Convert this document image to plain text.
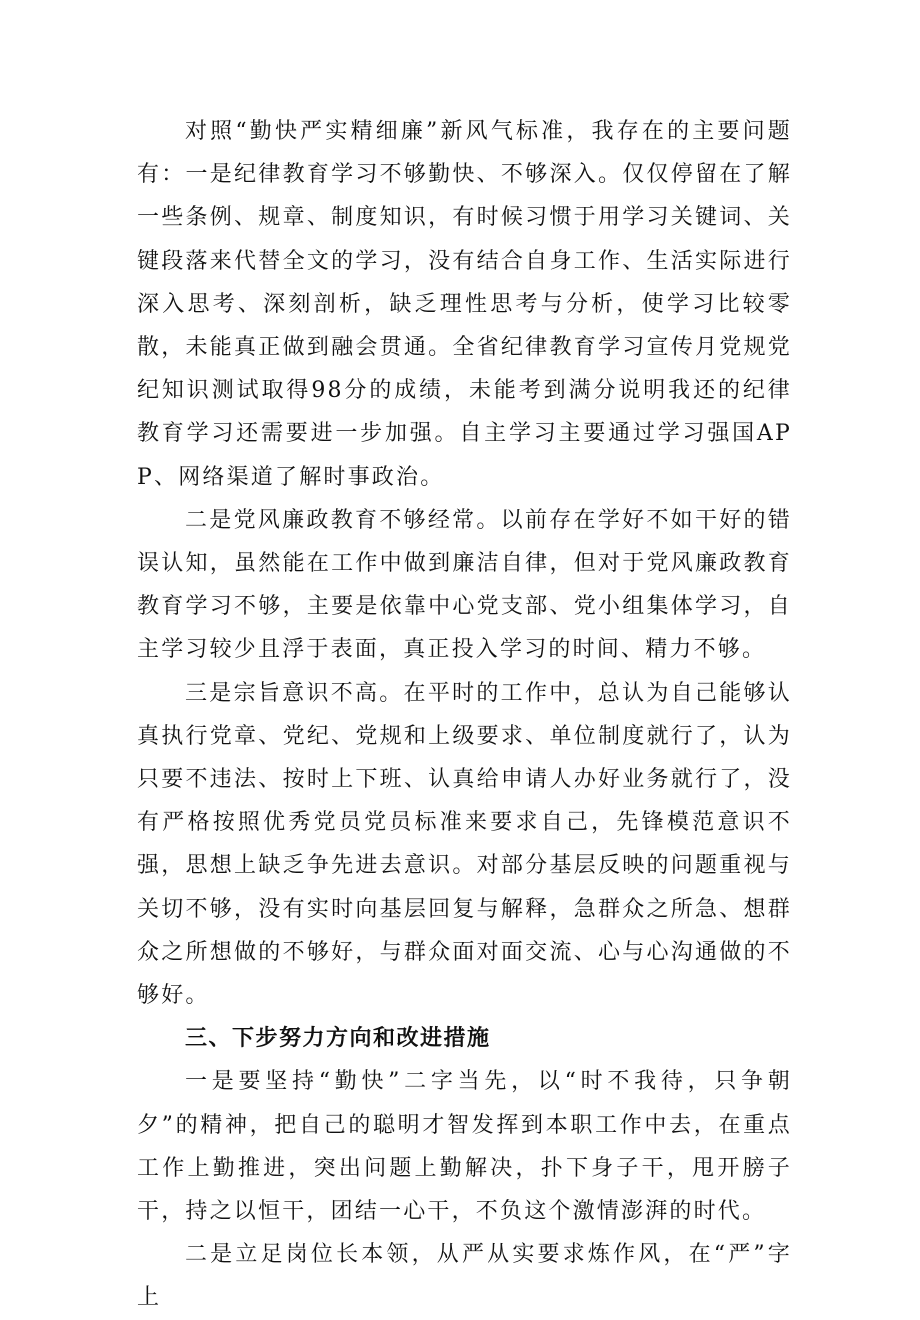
对照“勤快严实精细廉”新风气标准，我存在的主要问题有：一是纪律教育学习不够勤快、不够深入。仅仅停留在了解一些条例、规章、制度知识，有时候习惯于用学习关键词、关键段落来代替全文的学习，没有结合自身工作、生活实际进行深入思考、深刻剖析，缺乏理性思考与分析，使学习比较零散，未能真正做到融会贯通。全省纪律教育学习宣传月党规党纪知识测试取得98分的成绩，未能考到满分说明我还的纪律教育学习还需要进一步加强。自主学习主要通过学习强国APP、网络渠道了解时事政治。

二是党风廉政教育不够经常。以前存在学好不如干好的错误认知，虽然能在工作中做到廉洁自律，但对于党风廉政教育教育学习不够，主要是依靠中心党支部、党小组集体学习，自主学习较少且浮于表面，真正投入学习的时间、精力不够。

三是宗旨意识不高。在平时的工作中，总认为自己能够认真执行党章、党纪、党规和上级要求、单位制度就行了，认为只要不违法、按时上下班、认真给申请人办好业务就行了，没有严格按照优秀党员党员标准来要求自己，先锋模范意识不强，思想上缺乏争先进去意识。对部分基层反映的问题重视与关切不够，没有实时向基层回复与解释，急群众之所急、想群众之所想做的不够好，与群众面对面交流、心与心沟通做的不够好。

三、下步努力方向和改进措施

一是要坚持“勤快”二字当先，以“时不我待，只争朝夕”的精神，把自己的聪明才智发挥到本职工作中去，在重点工作上勤推进，突出问题上勤解决，扑下身子干，甩开膀子干，持之以恒干，团结一心干，不负这个激情澎湃的时代。

二是立足岗位长本领，从严从实要求炼作风，在“严”字上
